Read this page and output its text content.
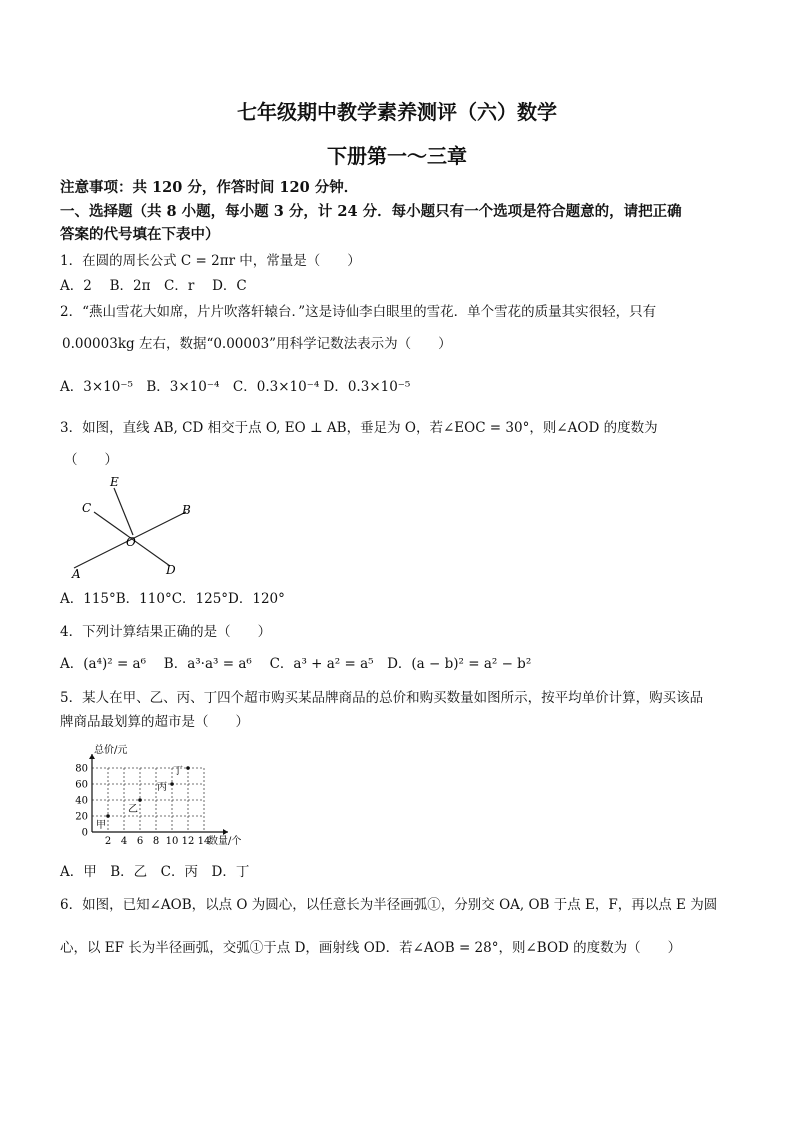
七年级期中教学素养测评（六）数学
下册第一～三章
注意事项：共 120 分，作答时间 120 分钟．
一、选择题（共 8 小题，每小题 3 分，计 24 分．每小题只有一个选项是符合题意的，请把正确
答案的代号填在下表中）
1．在圆的周长公式 C = 2πr 中，常量是（　　）
A．2　 B．2π　C．r　 D．C
2．“燕山雪花大如席，片片吹落轩辕台．”这是诗仙李白眼里的雪花．单个雪花的质量其实很轻，只有
0.00003kg 左右，数据“0.00003”用科学记数法表示为（　　）
A．3×10⁻⁵　B．3×10⁻⁴　C．0.3×10⁻⁴ D．0.3×10⁻⁵
3．如图，直线 AB, CD 相交于点 O, EO ⊥ AB，垂足为 O，若∠EOC = 30°，则∠AOD 的度数为
（　　）
E
C	B
O
A	D
A．115°B．110°C．125°D．120°
4．下列计算结果正确的是（　　）
A．(a⁴)² = a⁶　 B．a³·a³ = a⁶　 C．a³ + a² = a⁵　D．(a − b)² = a² − b²
5．某人在甲、乙、丙、丁四个超市购买某品牌商品的总价和购买数量如图所示，按平均单价计算，购买该品
牌商品最划算的超市是（　　）
2 4 6 8 10 12 14
0
20
40
60
80
甲
乙
丙
丁
总价/元
数量/个
A．甲　B．乙　C．丙　D．丁
6．如图，已知∠AOB，以点 O 为圆心，以任意长为半径画弧①，分别交 OA, OB 于点 E，F，再以点 E 为圆
心，以 EF 长为半径画弧，交弧①于点 D，画射线 OD．若∠AOB = 28°，则∠BOD 的度数为（　　）
